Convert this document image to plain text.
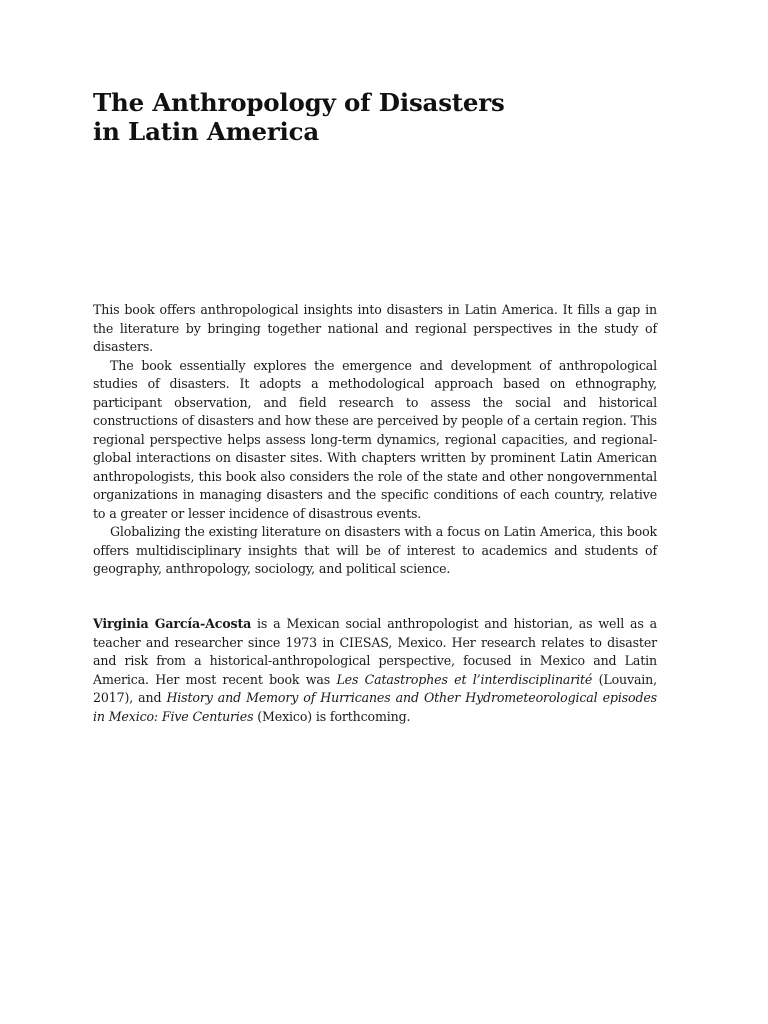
The Anthropology of Disasters
in Latin America

This book offers anthropological insights into disasters in Latin America. It fills a gap in the literature by bringing together national and regional perspectives in the study of disasters.

The book essentially explores the emergence and development of anthropological studies of disasters. It adopts a methodological approach based on ethnography, participant observation, and field research to assess the social and historical constructions of disasters and how these are perceived by people of a certain region. This regional perspective helps assess long-term dynamics, regional capacities, and regional-global interactions on disaster sites. With chapters written by prominent Latin American anthropologists, this book also considers the role of the state and other nongovernmental organizations in managing disasters and the specific conditions of each country, relative to a greater or lesser incidence of disastrous events.

Globalizing the existing literature on disasters with a focus on Latin America, this book offers multidisciplinary insights that will be of interest to academics and students of geography, anthropology, sociology, and political science.

Virginia García-Acosta is a Mexican social anthropologist and historian, as well as a teacher and researcher since 1973 in CIESAS, Mexico. Her research relates to disaster and risk from a historical-anthropological perspective, focused in Mexico and Latin America. Her most recent book was Les Catastrophes et l’interdisciplinarité (Louvain, 2017), and History and Memory of Hurricanes and Other Hydrometeorological episodes in Mexico: Five Centuries (Mexico) is forthcoming.
